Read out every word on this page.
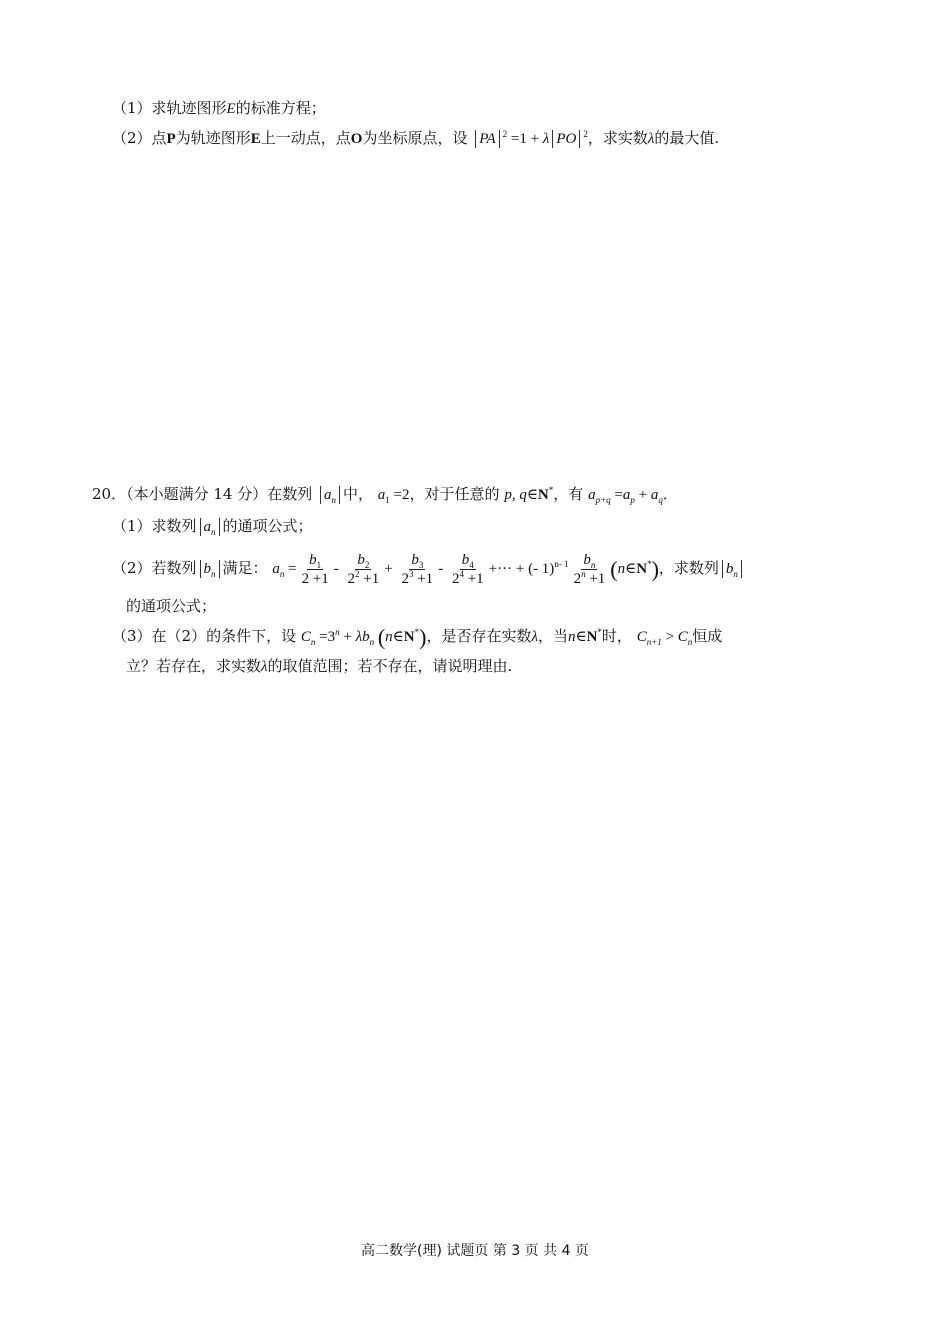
（1）求轨迹图形E的标准方程；
（2）点P为轨迹图形E上一动点，点O为坐标原点，设 PA $^2$ =1 + λ PO $^2$，求实数λ的最大值.
20．（本小题满分 14 分）在数列 $a_n$ 中， $a_1 =2$，对于任意的 p, q∈N*，有 $a_{p+q} =a_p + a_q$．
（1）求数列 $a_n$ 的通项公式；
（2）若数列 $b_n$ 满足： $a_n = \frac{b_1}{2 +1} - \frac{b_2}{2^2 +1} + \frac{b_3}{2^3 +1} - \frac{b_4}{2^4 +1}$ +··· + (- $1)^{n- 1} \frac{b_n}{2^n +1}$ (n∈N*)，求数列 $b_n$
的通项公式；
（3）在（2）的条件下，设 $C_n =3^n + \lambda b_n$ (n∈N*)，是否存在实数λ，当n∈N*时， $C_{n+1} > C_n$恒成
立？若存在，求实数λ的取值范围；若不存在，请说明理由.
高二数学(理) 试题页 第 3 页 共 4 页
